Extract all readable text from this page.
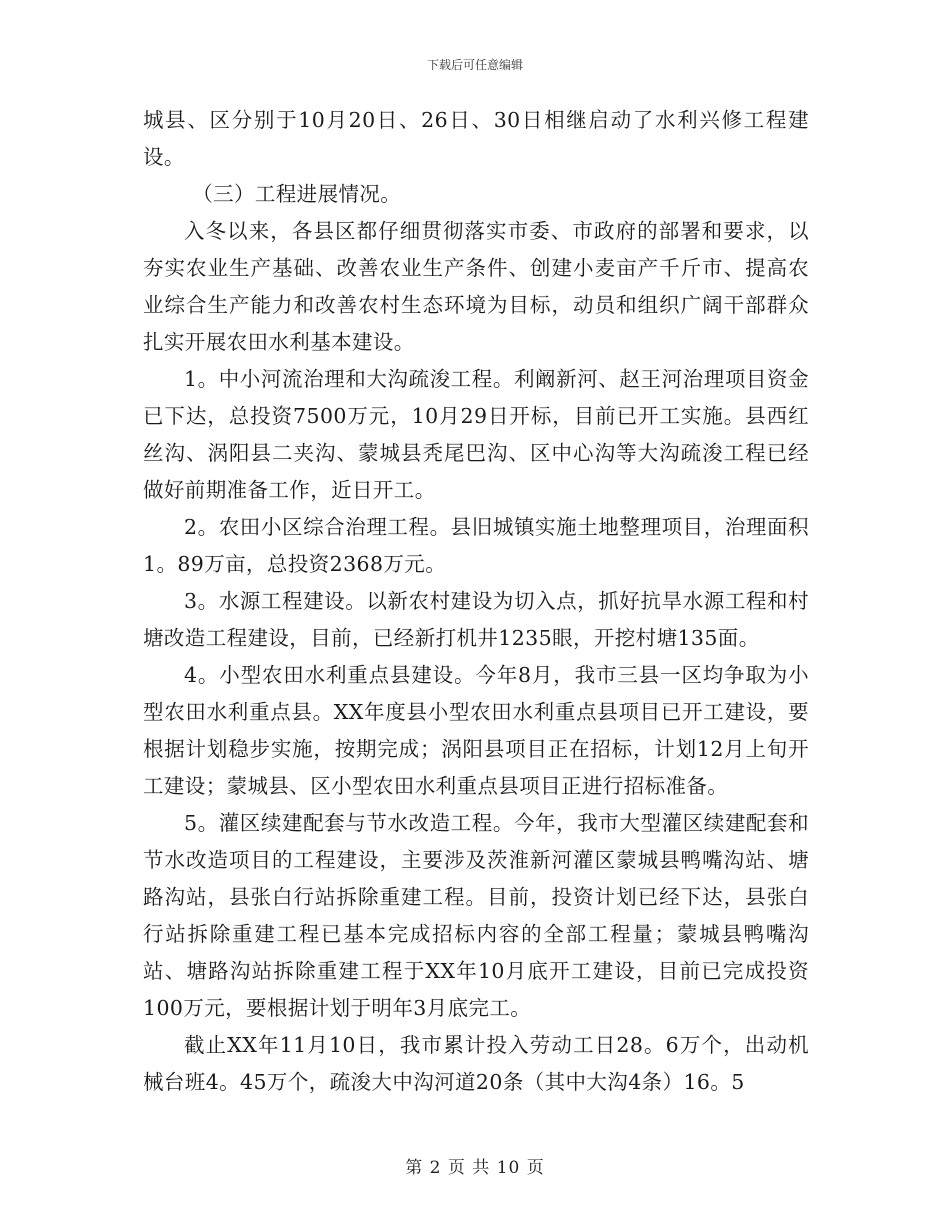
下载后可任意编辑

城县、区分别于10月20日、26日、30日相继启动了水利兴修工程建设。

（三）工程进展情况。

入冬以来，各县区都仔细贯彻落实市委、市政府的部署和要求，以夯实农业生产基础、改善农业生产条件、创建小麦亩产千斤市、提高农业综合生产能力和改善农村生态环境为目标，动员和组织广阔干部群众扎实开展农田水利基本建设。

1。中小河流治理和大沟疏浚工程。利阚新河、赵王河治理项目资金已下达，总投资7500万元，10月29日开标，目前已开工实施。县西红丝沟、涡阳县二夹沟、蒙城县秃尾巴沟、区中心沟等大沟疏浚工程已经做好前期准备工作，近日开工。

2。农田小区综合治理工程。县旧城镇实施土地整理项目，治理面积1。89万亩，总投资2368万元。

3。水源工程建设。以新农村建设为切入点，抓好抗旱水源工程和村塘改造工程建设，目前，已经新打机井1235眼，开挖村塘135面。

4。小型农田水利重点县建设。今年8月，我市三县一区均争取为小型农田水利重点县。XX年度县小型农田水利重点县项目已开工建设，要根据计划稳步实施，按期完成；涡阳县项目正在招标，计划12月上旬开工建设；蒙城县、区小型农田水利重点县项目正进行招标准备。

5。灌区续建配套与节水改造工程。今年，我市大型灌区续建配套和节水改造项目的工程建设，主要涉及茨淮新河灌区蒙城县鸭嘴沟站、塘路沟站，县张白行站拆除重建工程。目前，投资计划已经下达，县张白行站拆除重建工程已基本完成招标内容的全部工程量；蒙城县鸭嘴沟站、塘路沟站拆除重建工程于XX年10月底开工建设，目前已完成投资100万元，要根据计划于明年3月底完工。

截止XX年11月10日，我市累计投入劳动工日28。6万个，出动机械台班4。45万个，疏浚大中沟河道20条（其中大沟4条）16。5

第 2 页 共 10 页
